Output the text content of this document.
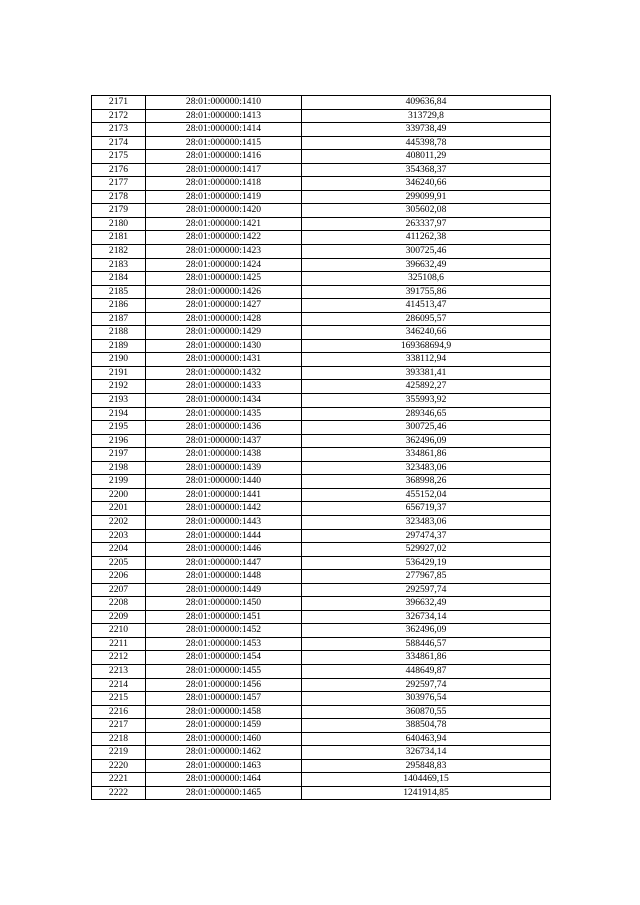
2171	28:01:000000:1410	409636,84
2172	28:01:000000:1413	313729,8
2173	28:01:000000:1414	339738,49
2174	28:01:000000:1415	445398,78
2175	28:01:000000:1416	408011,29
2176	28:01:000000:1417	354368,37
2177	28:01:000000:1418	346240,66
2178	28:01:000000:1419	299099,91
2179	28:01:000000:1420	305602,08
2180	28:01:000000:1421	263337,97
2181	28:01:000000:1422	411262,38
2182	28:01:000000:1423	300725,46
2183	28:01:000000:1424	396632,49
2184	28:01:000000:1425	325108,6
2185	28:01:000000:1426	391755,86
2186	28:01:000000:1427	414513,47
2187	28:01:000000:1428	286095,57
2188	28:01:000000:1429	346240,66
2189	28:01:000000:1430	169368694,9
2190	28:01:000000:1431	338112,94
2191	28:01:000000:1432	393381,41
2192	28:01:000000:1433	425892,27
2193	28:01:000000:1434	355993,92
2194	28:01:000000:1435	289346,65
2195	28:01:000000:1436	300725,46
2196	28:01:000000:1437	362496,09
2197	28:01:000000:1438	334861,86
2198	28:01:000000:1439	323483,06
2199	28:01:000000:1440	368998,26
2200	28:01:000000:1441	455152,04
2201	28:01:000000:1442	656719,37
2202	28:01:000000:1443	323483,06
2203	28:01:000000:1444	297474,37
2204	28:01:000000:1446	529927,02
2205	28:01:000000:1447	536429,19
2206	28:01:000000:1448	277967,85
2207	28:01:000000:1449	292597,74
2208	28:01:000000:1450	396632,49
2209	28:01:000000:1451	326734,14
2210	28:01:000000:1452	362496,09
2211	28:01:000000:1453	588446,57
2212	28:01:000000:1454	334861,86
2213	28:01:000000:1455	448649,87
2214	28:01:000000:1456	292597,74
2215	28:01:000000:1457	303976,54
2216	28:01:000000:1458	360870,55
2217	28:01:000000:1459	388504,78
2218	28:01:000000:1460	640463,94
2219	28:01:000000:1462	326734,14
2220	28:01:000000:1463	295848,83
2221	28:01:000000:1464	1404469,15
2222	28:01:000000:1465	1241914,85
